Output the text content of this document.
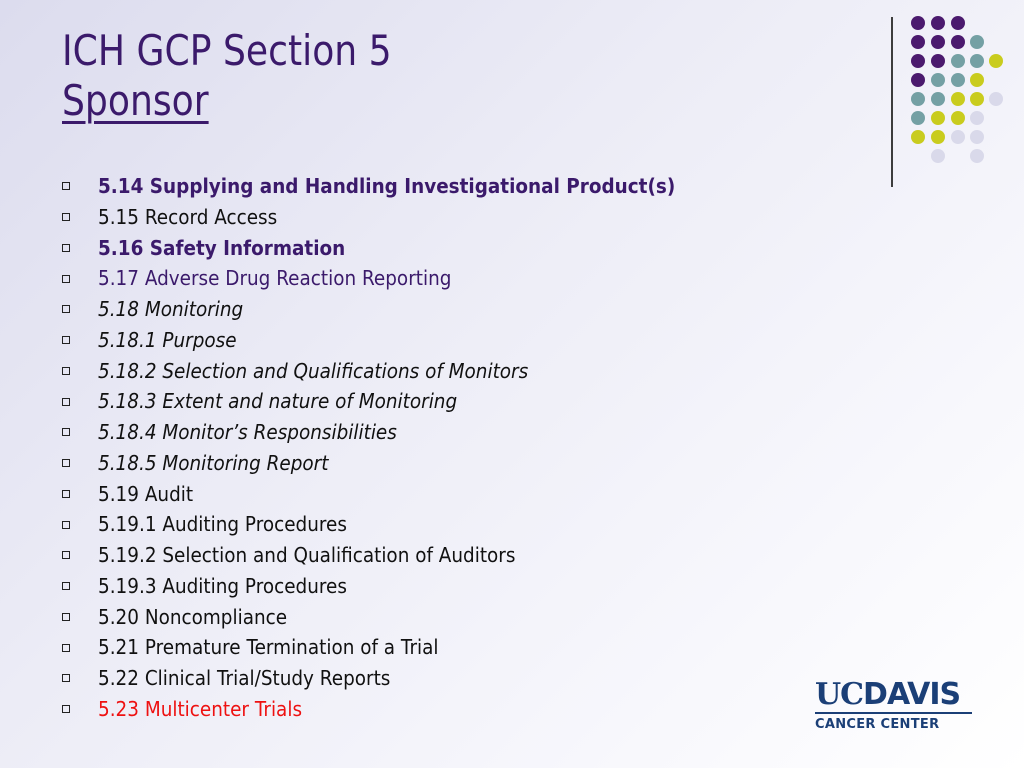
ICH GCP Section 5
Sponsor
5.14 Supplying and Handling Investigational Product(s)
5.15 Record Access
5.16 Safety Information
5.17 Adverse Drug Reaction Reporting
5.18 Monitoring
5.18.1 Purpose
5.18.2 Selection and Qualifications of Monitors
5.18.3 Extent and nature of Monitoring
5.18.4 Monitor’s Responsibilities
5.18.5 Monitoring Report
5.19 Audit
5.19.1 Auditing Procedures
5.19.2 Selection and Qualification of Auditors
5.19.3 Auditing Procedures
5.20 Noncompliance
5.21 Premature Termination of a Trial
5.22 Clinical Trial/Study Reports
5.23 Multicenter Trials	UCDAVIS
CANCER CENTER
